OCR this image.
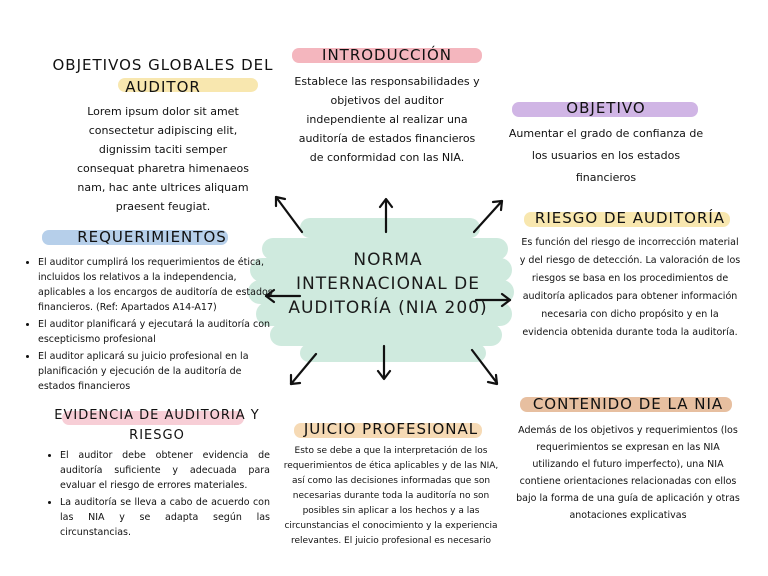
NORMA
INTERNACIONAL DE
AUDITORÍA (NIA 200)
OBJETIVOS GLOBALES DEL
AUDITOR
Lorem ipsum dolor sit amet consectetur adipiscing elit, dignissim taciti semper consequat pharetra himenaeos nam, hac ante ultrices aliquam praesent feugiat.
INTRODUCCIÓN
Establece las responsabilidades y objetivos del auditor independiente al realizar una auditoría de estados financieros de conformidad con las NIA.
OBJETIVO
Aumentar el grado de confianza de los usuarios en los estados financieros
REQUERIMIENTOS
• El auditor cumplirá los requerimientos de ética, incluidos los relativos a la independencia, aplicables a los encargos de auditoría de estados financieros. (Ref: Apartados A14-A17)
• El auditor planificará y ejecutará la auditoría con escepticismo profesional
• El auditor aplicará su juicio profesional en la planificación y ejecución de la auditoría de estados financieros
RIESGO DE AUDITORÍA
Es función del riesgo de incorrección material y del riesgo de detección. La valoración de los riesgos se basa en los procedimientos de auditoría aplicados para obtener información necesaria con dicho propósito y en la evidencia obtenida durante toda la auditoría.
EVIDENCIA DE AUDITORIA Y
RIESGO
• El auditor debe obtener evidencia de auditoría suficiente y adecuada para evaluar el riesgo de errores materiales.
• La auditoría se lleva a cabo de acuerdo con las NIA y se adapta según las circunstancias.
JUICIO PROFESIONAL
Esto se debe a que la interpretación de los requerimientos de ética aplicables y de las NIA, así como las decisiones informadas que son necesarias durante toda la auditoría no son posibles sin aplicar a los hechos y a las circunstancias el conocimiento y la experiencia relevantes. El juicio profesional es necesario
CONTENIDO DE LA NIA
Además de los objetivos y requerimientos (los requerimientos se expresan en las NIA utilizando el futuro imperfecto), una NIA contiene orientaciones relacionadas con ellos bajo la forma de una guía de aplicación y otras anotaciones explicativas
